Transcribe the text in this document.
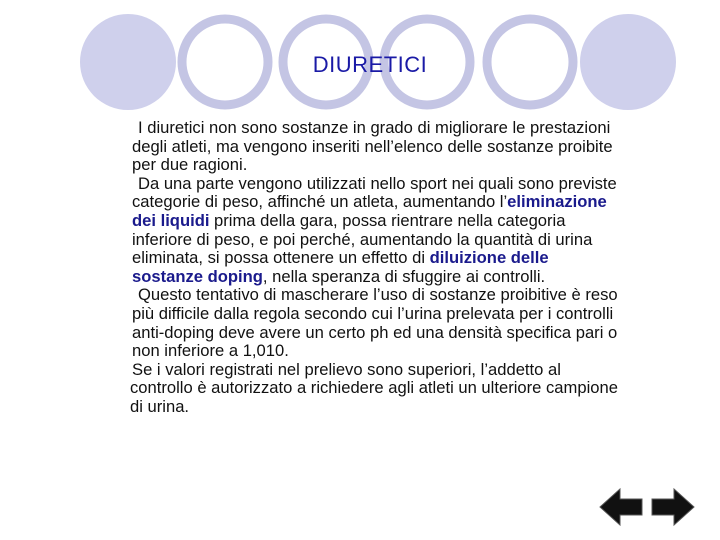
DIURETICI

I diuretici non sono sostanze in grado di migliorare le prestazioni degli atleti, ma vengono inseriti nell’elenco delle sostanze proibite per due ragioni.

Da una parte vengono utilizzati nello sport nei quali sono previste categorie di peso, affinché un atleta, aumentando l’eliminazione dei liquidi prima della gara, possa rientrare nella categoria inferiore di peso, e poi perché, aumentando la quantità di urina eliminata, si possa ottenere un effetto di diluizione delle sostanze doping, nella speranza di sfuggire ai controlli.

Questo tentativo di mascherare l’uso di sostanze proibitive è reso più difficile dalla regola secondo cui l’urina prelevata per i controlli anti-doping deve avere un certo ph ed una densità specifica pari o non inferiore a 1,010.

Se i valori registrati nel prelievo sono superiori, l’addetto al controllo è autorizzato a richiedere agli atleti un ulteriore campione di urina.
